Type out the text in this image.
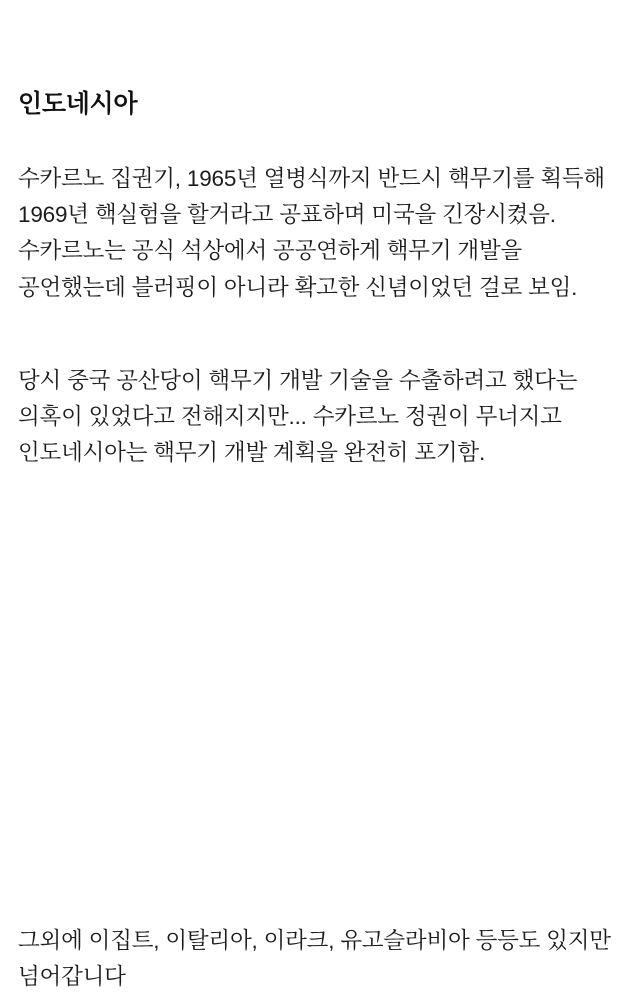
인도네시아

수카르노 집권기, 1965년 열병식까지 반드시 핵무기를 획득해 1969년 핵실험을 할거라고 공표하며 미국을 긴장시켰음. 수카르노는 공식 석상에서 공공연하게 핵무기 개발을 공언했는데 블러핑이 아니라 확고한 신념이었던 걸로 보임.

당시 중국 공산당이 핵무기 개발 기술을 수출하려고 했다는 의혹이 있었다고 전해지지만... 수카르노 정권이 무너지고 인도네시아는 핵무기 개발 계획을 완전히 포기함.

그외에 이집트, 이탈리아, 이라크, 유고슬라비아 등등도 있지만 넘어갑니다
